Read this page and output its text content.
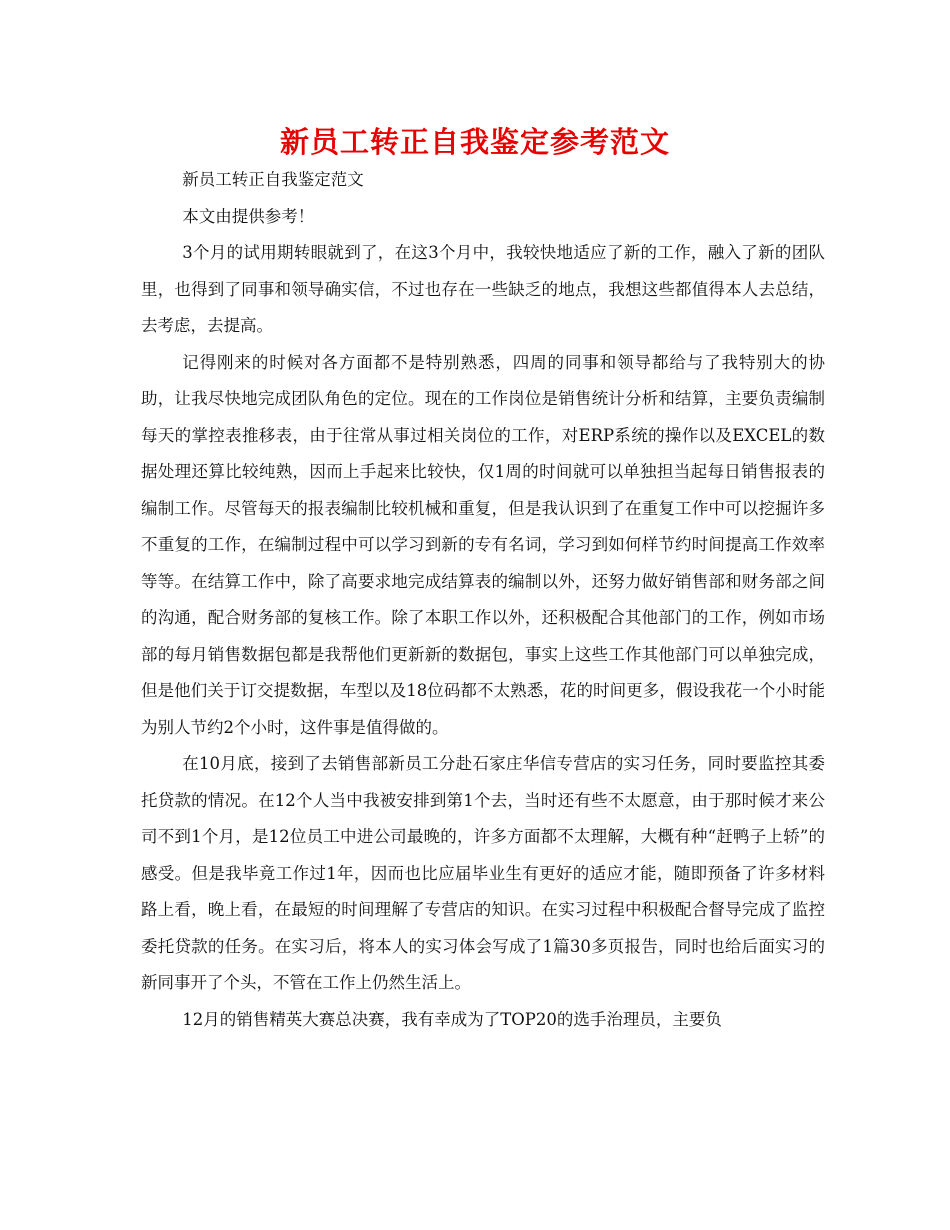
新员工转正自我鉴定参考范文

新员工转正自我鉴定范文

本文由提供参考！

3个月的试用期转眼就到了，在这3个月中，我较快地适应了新的工作，融入了新的团队里，也得到了同事和领导确实信，不过也存在一些缺乏的地点，我想这些都值得本人去总结，去考虑，去提高。

记得刚来的时候对各方面都不是特别熟悉，四周的同事和领导都给与了我特别大的协助，让我尽快地完成团队角色的定位。现在的工作岗位是销售统计分析和结算，主要负责编制每天的掌控表推移表，由于往常从事过相关岗位的工作，对ERP系统的操作以及EXCEL的数据处理还算比较纯熟，因而上手起来比较快，仅1周的时间就可以单独担当起每日销售报表的编制工作。尽管每天的报表编制比较机械和重复，但是我认识到了在重复工作中可以挖掘许多不重复的工作，在编制过程中可以学习到新的专有名词，学习到如何样节约时间提高工作效率等等。在结算工作中，除了高要求地完成结算表的编制以外，还努力做好销售部和财务部之间的沟通，配合财务部的复核工作。除了本职工作以外，还积极配合其他部门的工作，例如市场部的每月销售数据包都是我帮他们更新新的数据包，事实上这些工作其他部门可以单独完成，但是他们关于订交提数据，车型以及18位码都不太熟悉，花的时间更多，假设我花一个小时能为别人节约2个小时，这件事是值得做的。

在10月底，接到了去销售部新员工分赴石家庄华信专营店的实习任务，同时要监控其委托贷款的情况。在12个人当中我被安排到第1个去，当时还有些不太愿意，由于那时候才来公司不到1个月，是12位员工中进公司最晚的，许多方面都不太理解，大概有种“赶鸭子上轿”的感受。但是我毕竟工作过1年，因而也比应届毕业生有更好的适应才能，随即预备了许多材料路上看，晚上看，在最短的时间理解了专营店的知识。在实习过程中积极配合督导完成了监控委托贷款的任务。在实习后，将本人的实习体会写成了1篇30多页报告，同时也给后面实习的新同事开了个头，不管在工作上仍然生活上。

12月的销售精英大赛总决赛，我有幸成为了TOP20的选手治理员，主要负
